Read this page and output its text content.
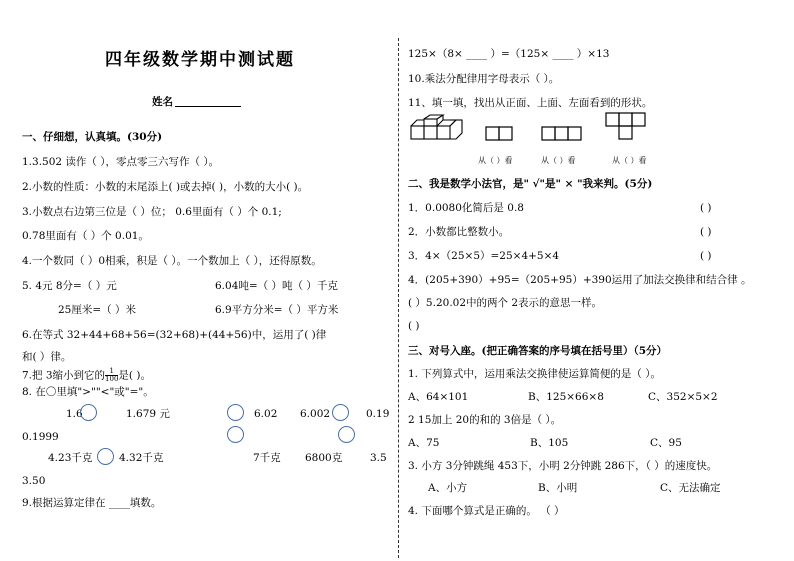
四年级数学期中测试题
姓名
一、仔细想，认真填。(30分)
1.3.502 读作（ ），零点零三六写作（ ）。
2.小数的性质：小数的末尾添上( )或去掉( )，小数的大小( )。
3.小数点右边第三位是（ ）位； 0.6里面有（ ）个 0.1;
0.78里面有（ ）个 0.01。
4.一个数同（ ）0相乘，积是（ ）。一个数加上（ ），还得原数。
5. 4元 8分=（ ）元	6.04吨=（ ）吨（ ）千克
25厘米=（ ）米	6.9平方分米=（ ）平方米
6.在等式 32+44+68+56=(32+68)+(44+56)中，运用了( )律
和( ）律。
7.把 3缩小到它的 $\frac{1}{100}$ 是( )。
8. 在〇里填">""<"或"="。
1.6	1.679 元	6.02 6.002	0.19
0.1999
4.23千克	4.32千克	7千克 6800克	3.5
3.50
9.根据运算定律在 ____填数。
125×（8× ____ ）=（125× ____ ）×13
10.乘法分配律用字母表示（ ）。
11、填一填，找出从正面、上面、左面看到的形状。
从（ ）看	从（ ）看	从（ ）看
二、我是数学小法官，是" √"是" × "我来判。(5分)
1．0.0080化简后是 0.8	( )
2．小数都比整数小。	( )
3．4×（25×5）=25×4+5×4	( )
4．(205+390）+95=（205+95）+390运用了加法交换律和结合律 。
( ）5.20.02中的两个 2表示的意思一样。
( )
三、对号入座。(把正确答案的序号填在括号里）（5分）
1. 下列算式中，运用乘法交换律使运算简便的是（ ）。
A、64×101	B、125×66×8	C、352×5×2
2 15加上 20的和的 3倍是（ ）。
A、75	B、105	C、95
3. 小方 3分钟跳绳 453下，小明 2分钟跳 286下，（ ）的速度快。
A、小方	B、小明	C、无法确定
4. 下面哪个算式是正确的。 （ ）
